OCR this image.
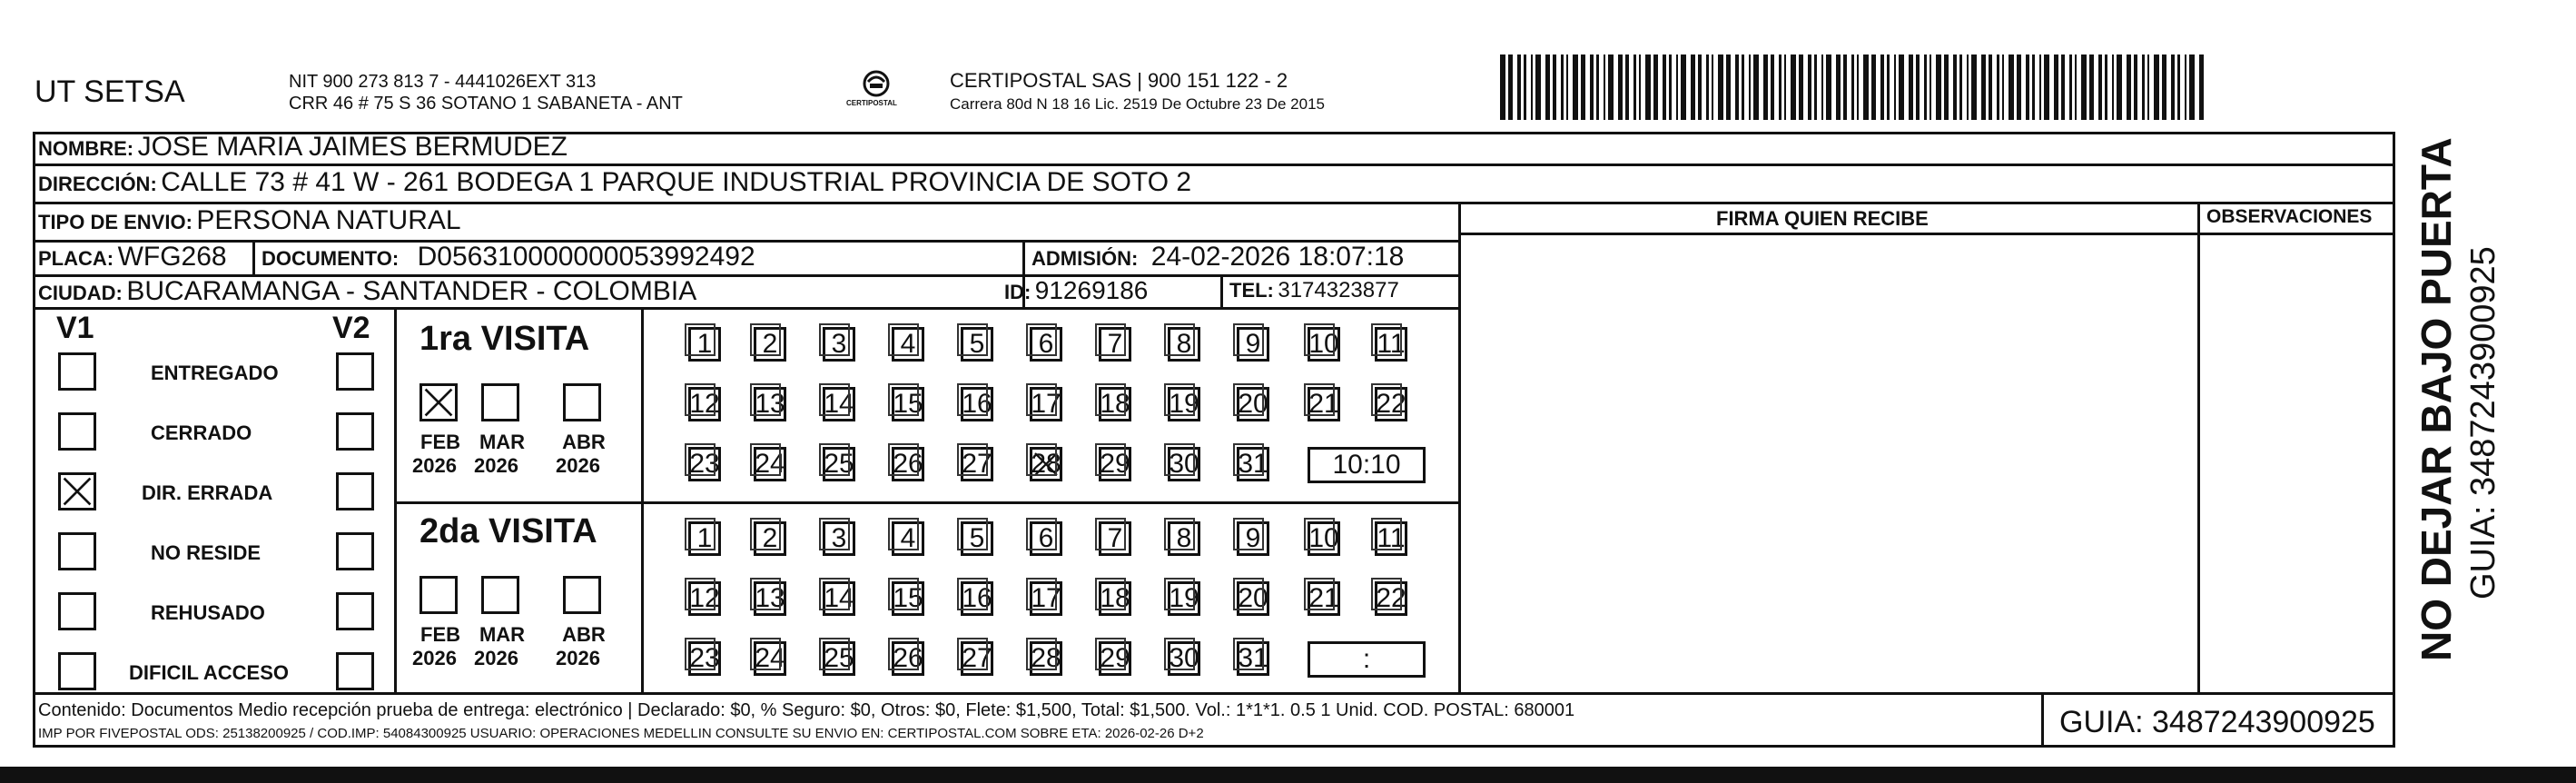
UT SETSA	NIT 900 273 813 7 - 4441026EXT 313
CRR 46 # 75 S 36 SOTANO 1 SABANETA - ANT	CERTIPOSTAL
CERTIPOSTAL SAS | 900 151 122 - 2
Carrera 80d N 18 16 Lic. 2519 De Octubre 23 De 2015
NOMBRE: JOSE MARIA JAIMES BERMUDEZ
DIRECCIÓN: CALLE 73 # 41 W - 261 BODEGA 1 PARQUE INDUSTRIAL PROVINCIA DE SOTO 2
TIPO DE ENVIO: PERSONA NATURAL
PLACA: WFG268 DOCUMENTO: D056310000000053992492	ADMISIÓN: 24-02-2026 18:07:18
CIUDAD: BUCARAMANGA - SANTANDER - COLOMBIA	ID: 91269186	TEL: 3174323877
FIRMA QUIEN RECIBE	OBSERVACIONES NO DEJAR BAJO PUERTA GUIA: 3487243900925
V1	V2 1ra VISITA
2da VISITA
Contenido: Documentos Medio recepción prueba de entrega: electrónico | Declarado: $0, % Seguro: $0, Otros: $0, Flete: $1,500, Total: $1,500. Vol.: 1*1*1. 0.5 1 Unid. COD. POSTAL: 680001
IMP POR FIVEPOSTAL ODS: 25138200925 / COD.IMP: 54084300925 USUARIO: OPERACIONES MEDELLIN CONSULTE SU ENVIO EN: CERTIPOSTAL.COM SOBRE ETA: 2026-02-26 D+2	GUIA: 3487243900925
ENTREGADO
CERRADO
DIR. ERRADA
NO RESIDE
REHUSADO
DIFICIL ACCESO
FEB
2026
MAR
2026
ABR
2026
FEB
2026
MAR
2026
ABR
2026
1	2	3	4	5	6	7	8	9	10 11
12 13 14 15 16 17 18 19 20 21 22
23 24 25 26 27 28 29 30 31	10:10
1	2	3	4	5	6	7	8	9	10 11
12 13 14 15 16 17 18 19 20 21 22
23 24 25 26 27 28 29 30 31	:
